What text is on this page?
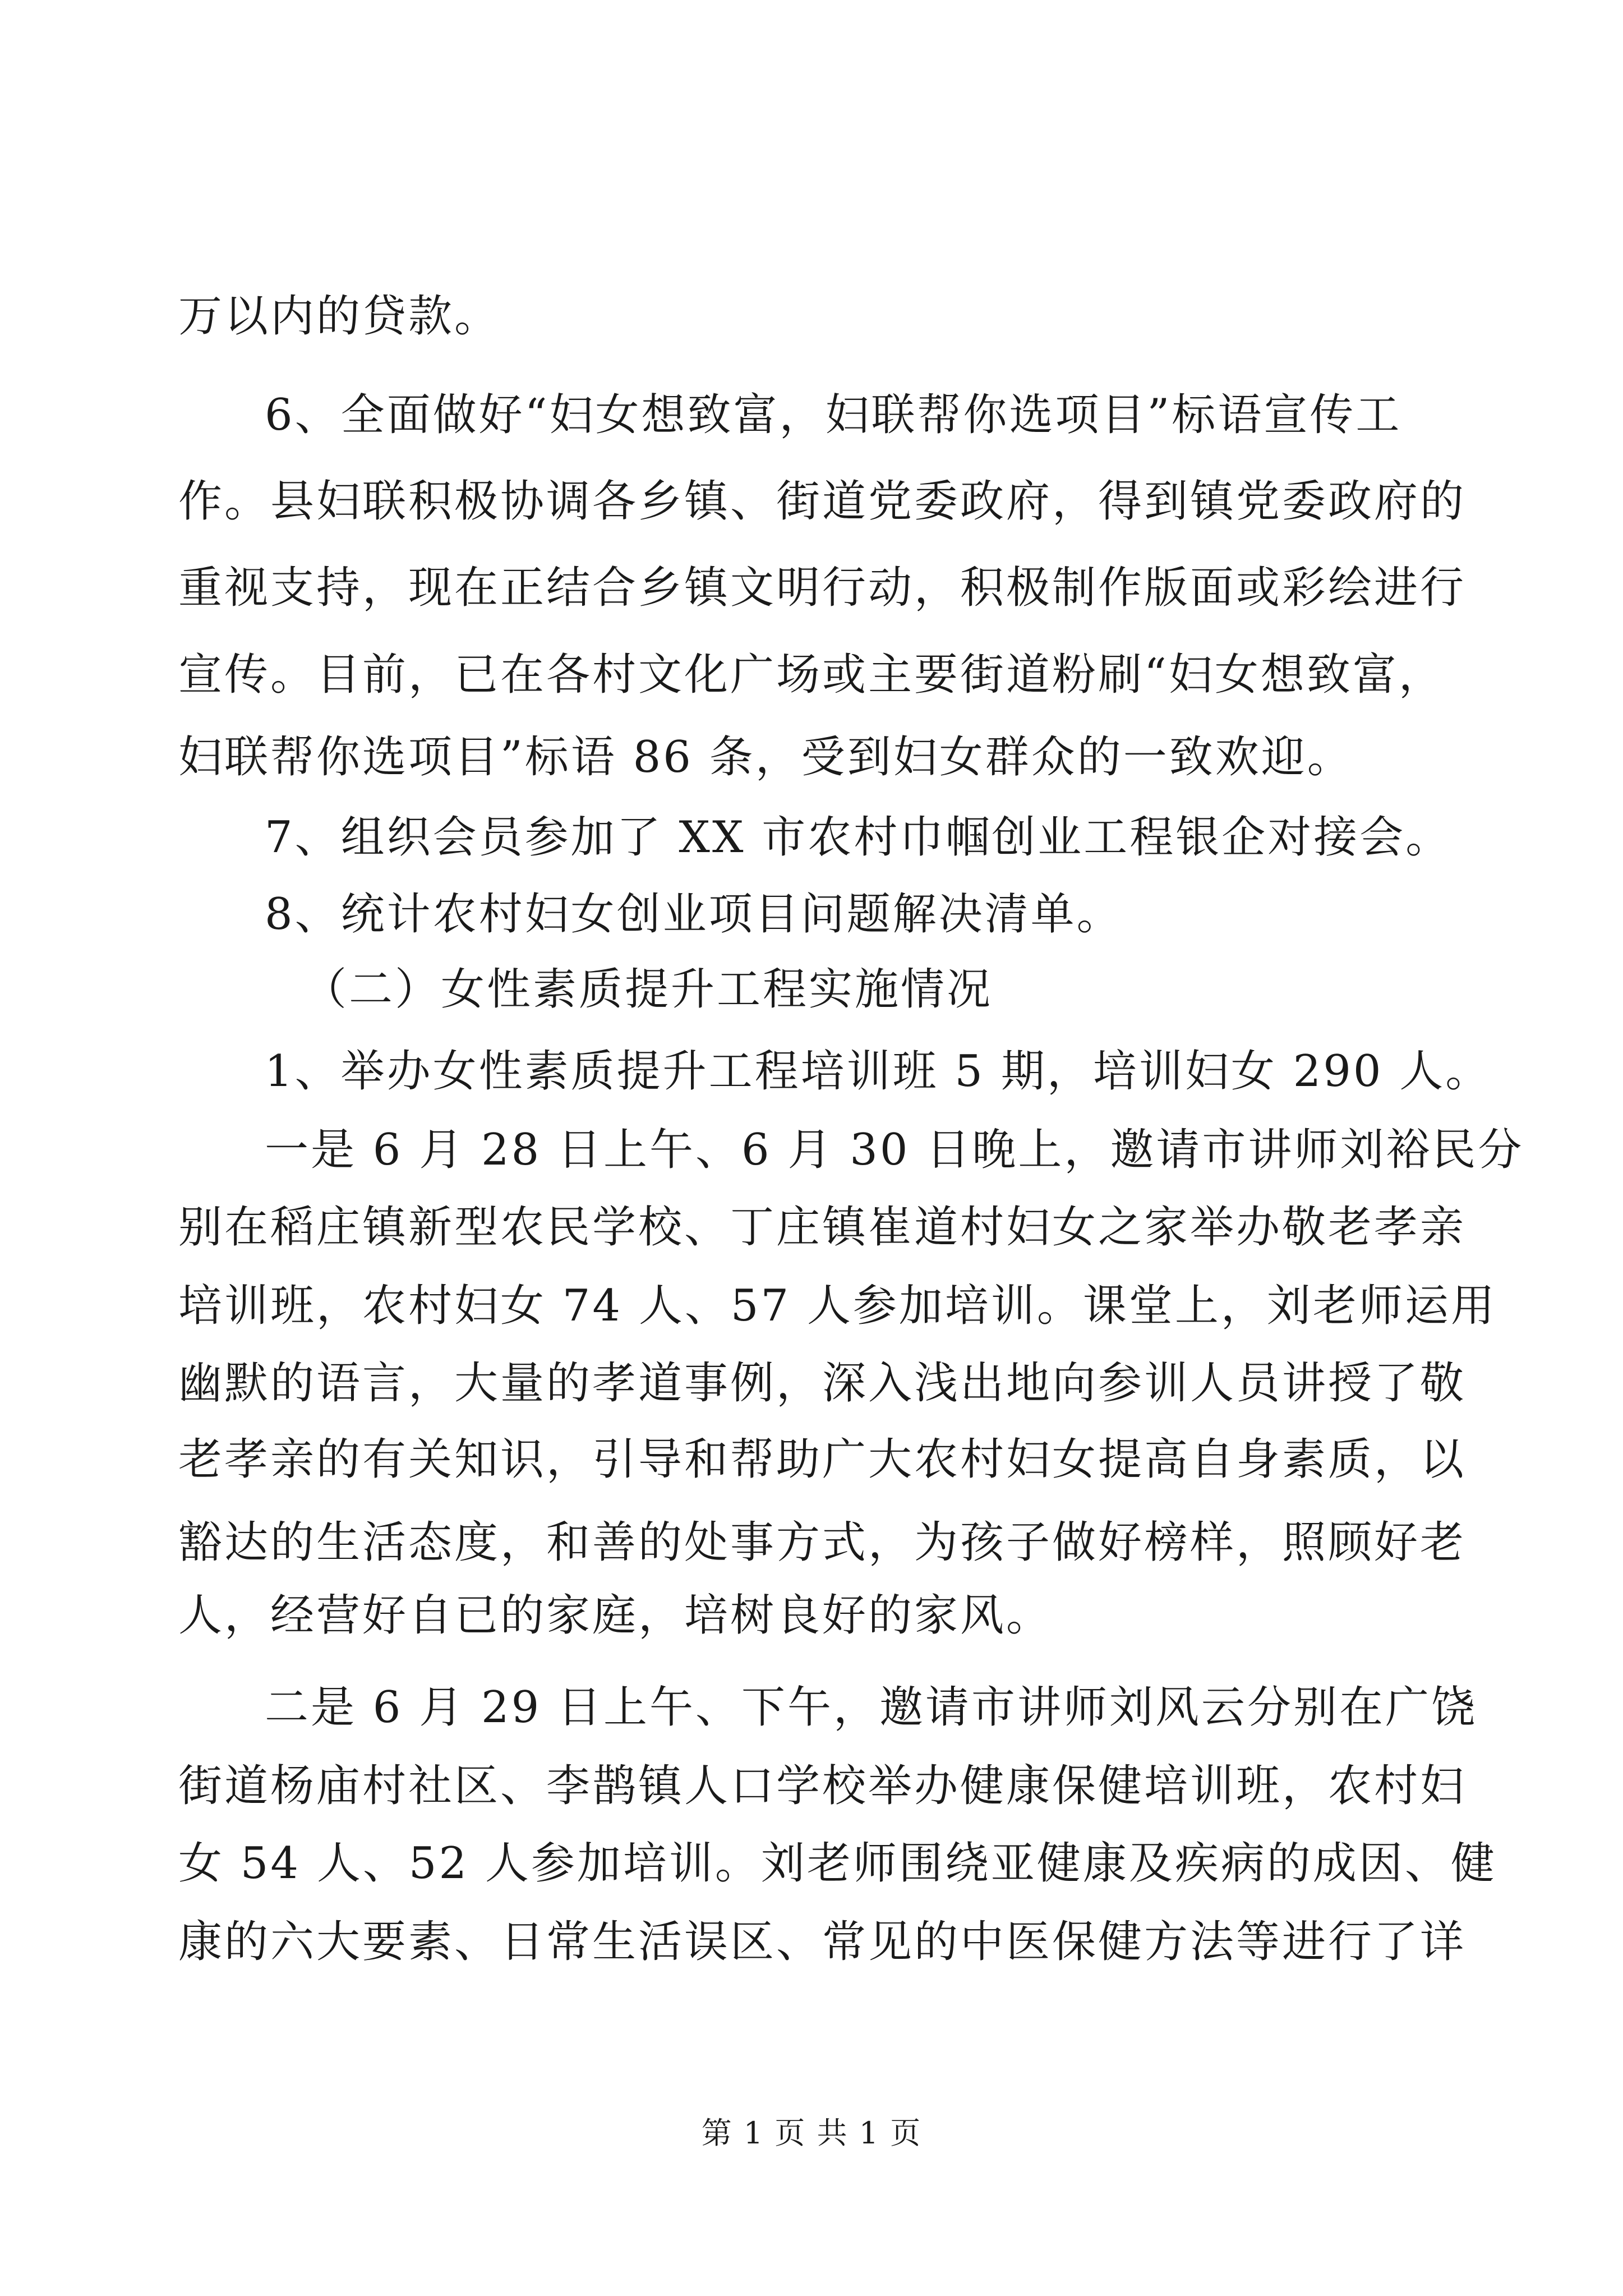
万以内的贷款。
6、全面做好“妇女想致富，妇联帮你选项目”标语宣传工
作。县妇联积极协调各乡镇、街道党委政府，得到镇党委政府的
重视支持，现在正结合乡镇文明行动，积极制作版面或彩绘进行
宣传。目前，已在各村文化广场或主要街道粉刷“妇女想致富，
妇联帮你选项目”标语 86 条，受到妇女群众的一致欢迎。
7、组织会员参加了 XX 市农村巾帼创业工程银企对接会。
8、统计农村妇女创业项目问题解决清单。
（二）女性素质提升工程实施情况
1、举办女性素质提升工程培训班 5 期，培训妇女 290 人。
一是 6 月 28 日上午、6 月 30 日晚上，邀请市讲师刘裕民分
别在稻庄镇新型农民学校、丁庄镇崔道村妇女之家举办敬老孝亲
培训班，农村妇女 74 人、57 人参加培训。课堂上，刘老师运用
幽默的语言，大量的孝道事例，深入浅出地向参训人员讲授了敬
老孝亲的有关知识，引导和帮助广大农村妇女提高自身素质，以
豁达的生活态度，和善的处事方式，为孩子做好榜样，照顾好老
人，经营好自已的家庭，培树良好的家风。
二是 6 月 29 日上午、下午，邀请市讲师刘风云分别在广饶
街道杨庙村社区、李鹊镇人口学校举办健康保健培训班，农村妇
女 54 人、52 人参加培训。刘老师围绕亚健康及疾病的成因、健
康的六大要素、日常生活误区、常见的中医保健方法等进行了详
第 1 页 共 1 页
